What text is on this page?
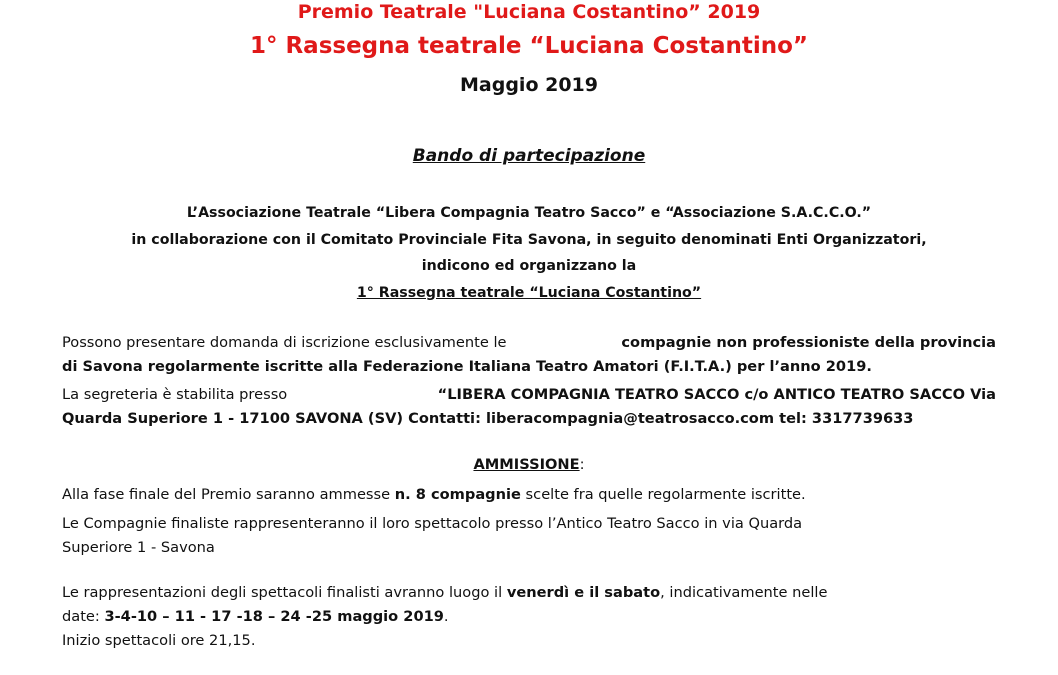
Premio Teatrale "Luciana Costantino” 2019
1° Rassegna teatrale “Luciana Costantino”
Maggio 2019
Bando di partecipazione
L’Associazione Teatrale “Libera Compagnia Teatro Sacco” e “Associazione S.A.C.C.O.”
in collaborazione con il Comitato Provinciale Fita Savona, in seguito denominati Enti Organizzatori,
indicono ed organizzano la
1° Rassegna teatrale “Luciana Costantino”
Possono presentare domanda di iscrizione esclusivamente le	compagnie non professioniste della provincia
di Savona regolarmente iscritte alla Federazione Italiana Teatro Amatori (F.I.T.A.) per l’anno 2019.
La segreteria è stabilita presso	“LIBERA COMPAGNIA TEATRO SACCO c/o ANTICO TEATRO SACCO Via
Quarda Superiore 1 - 17100 SAVONA (SV) Contatti: liberacompagnia@teatrosacco.com tel: 3317739633
AMMISSIONE:
Alla fase finale del Premio saranno ammesse n. 8 compagnie scelte fra quelle regolarmente iscritte.
Le Compagnie finaliste rappresenteranno il loro spettacolo presso l’Antico Teatro Sacco in via Quarda
Superiore 1 - Savona
Le rappresentazioni degli spettacoli finalisti avranno luogo il venerdì e il sabato, indicativamente nelle
date: 3-4-10 – 11 - 17 -18 – 24 -25 maggio 2019.
Inizio spettacoli ore 21,15.
